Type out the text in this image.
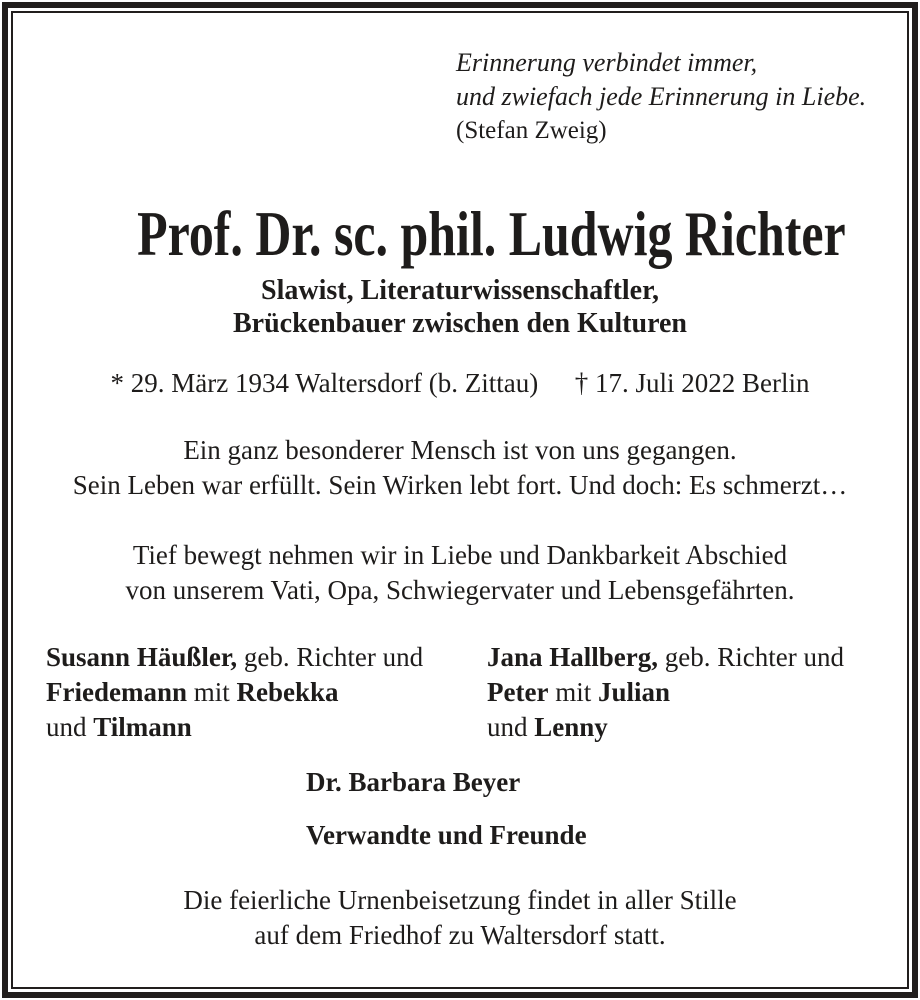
Erinnerung verbindet immer,
und zwiefach jede Erinnerung in Liebe.
(Stefan Zweig)
Prof. Dr. sc. phil. Ludwig Richter
Slawist, Literaturwissenschaftler,
Brückenbauer zwischen den Kulturen
* 29. März 1934 Waltersdorf (b. Zittau) † 17. Juli 2022 Berlin
Ein ganz besonderer Mensch ist von uns gegangen.
Sein Leben war erfüllt. Sein Wirken lebt fort. Und doch: Es schmerzt…
Tief bewegt nehmen wir in Liebe und Dankbarkeit Abschied
von unserem Vati, Opa, Schwiegervater und Lebensgefährten.
Susann Häußler, geb. Richter und
Friedemann mit Rebekka
und Tilmann
Jana Hallberg, geb. Richter und
Peter mit Julian
und Lenny
Dr. Barbara Beyer
Verwandte und Freunde
Die feierliche Urnenbeisetzung findet in aller Stille
auf dem Friedhof zu Waltersdorf statt.
